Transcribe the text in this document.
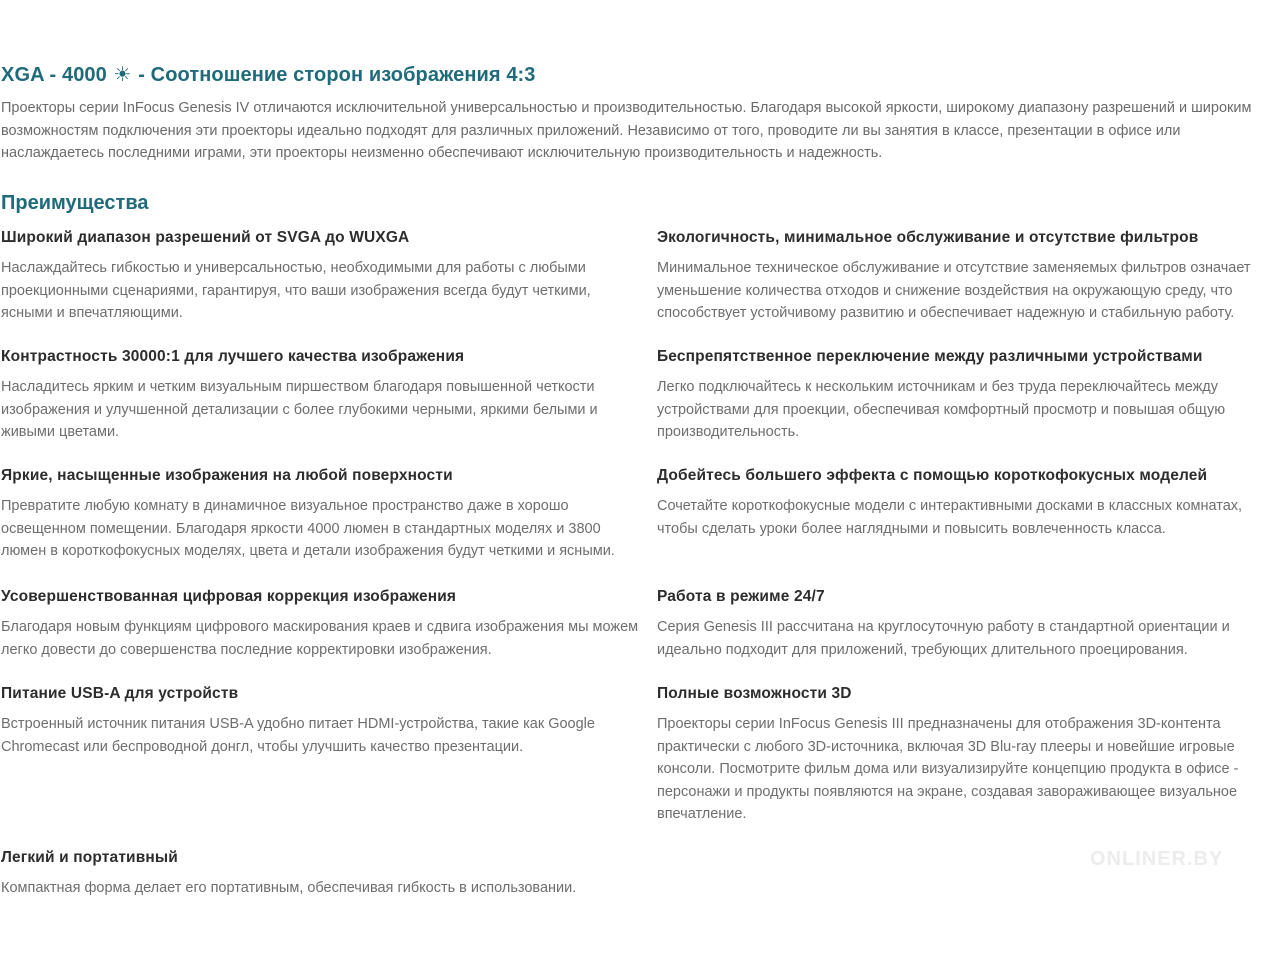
XGA - 4000 ☀ - Соотношение сторон изображения 4:3

Проекторы серии InFocus Genesis IV отличаются исключительной универсальностью и производительностью. Благодаря высокой яркости, широкому диапазону разрешений и широким возможностям подключения эти проекторы идеально подходят для различных приложений. Независимо от того, проводите ли вы занятия в классе, презентации в офисе или наслаждаетесь последними играми, эти проекторы неизменно обеспечивают исключительную производительность и надежность.

Преимущества
Широкий диапазон разрешений от SVGA до WUXGA

Наслаждайтесь гибкостью и универсальностью, необходимыми для работы с любыми проекционными сценариями, гарантируя, что ваши изображения всегда будут четкими, ясными и впечатляющими.

Контрастность 30000:1 для лучшего качества изображения

Насладитесь ярким и четким визуальным пиршеством благодаря повышенной четкости изображения и улучшенной детализации с более глубокими черными, яркими белыми и живыми цветами.

Яркие, насыщенные изображения на любой поверхности

Превратите любую комнату в динамичное визуальное пространство даже в хорошо освещенном помещении. Благодаря яркости 4000 люмен в стандартных моделях и 3800 люмен в короткофокусных моделях, цвета и детали изображения будут четкими и ясными.

Усовершенствованная цифровая коррекция изображения

Благодаря новым функциям цифрового маскирования краев и сдвига изображения мы можем легко довести до совершенства последние корректировки изображения.

Питание USB-A для устройств

Встроенный источник питания USB-A удобно питает HDMI-устройства, такие как Google Chromecast или беспроводной донгл, чтобы улучшить качество презентации.

Легкий и портативный

Компактная форма делает его портативным, обеспечивая гибкость в использовании.

Экологичность, минимальное обслуживание и отсутствие фильтров

Минимальное техническое обслуживание и отсутствие заменяемых фильтров означает уменьшение количества отходов и снижение воздействия на окружающую среду, что способствует устойчивому развитию и обеспечивает надежную и стабильную работу.

Беспрепятственное переключение между различными устройствами

Легко подключайтесь к нескольким источникам и без труда переключайтесь между устройствами для проекции, обеспечивая комфортный просмотр и повышая общую производительность.

Добейтесь большего эффекта с помощью короткофокусных моделей

Сочетайте короткофокусные модели с интерактивными досками в классных комнатах, чтобы сделать уроки более наглядными и повысить вовлеченность класса.

Работа в режиме 24/7

Серия Genesis III рассчитана на круглосуточную работу в стандартной ориентации и идеально подходит для приложений, требующих длительного проецирования.

Полные возможности 3D

Проекторы серии InFocus Genesis III предназначены для отображения 3D-контента практически с любого 3D-источника, включая 3D Blu-ray плееры и новейшие игровые консоли. Посмотрите фильм дома или визуализируйте концепцию продукта в офисе - персонажи и продукты появляются на экране, создавая завораживающее визуальное впечатление.

ONLINER.BY
